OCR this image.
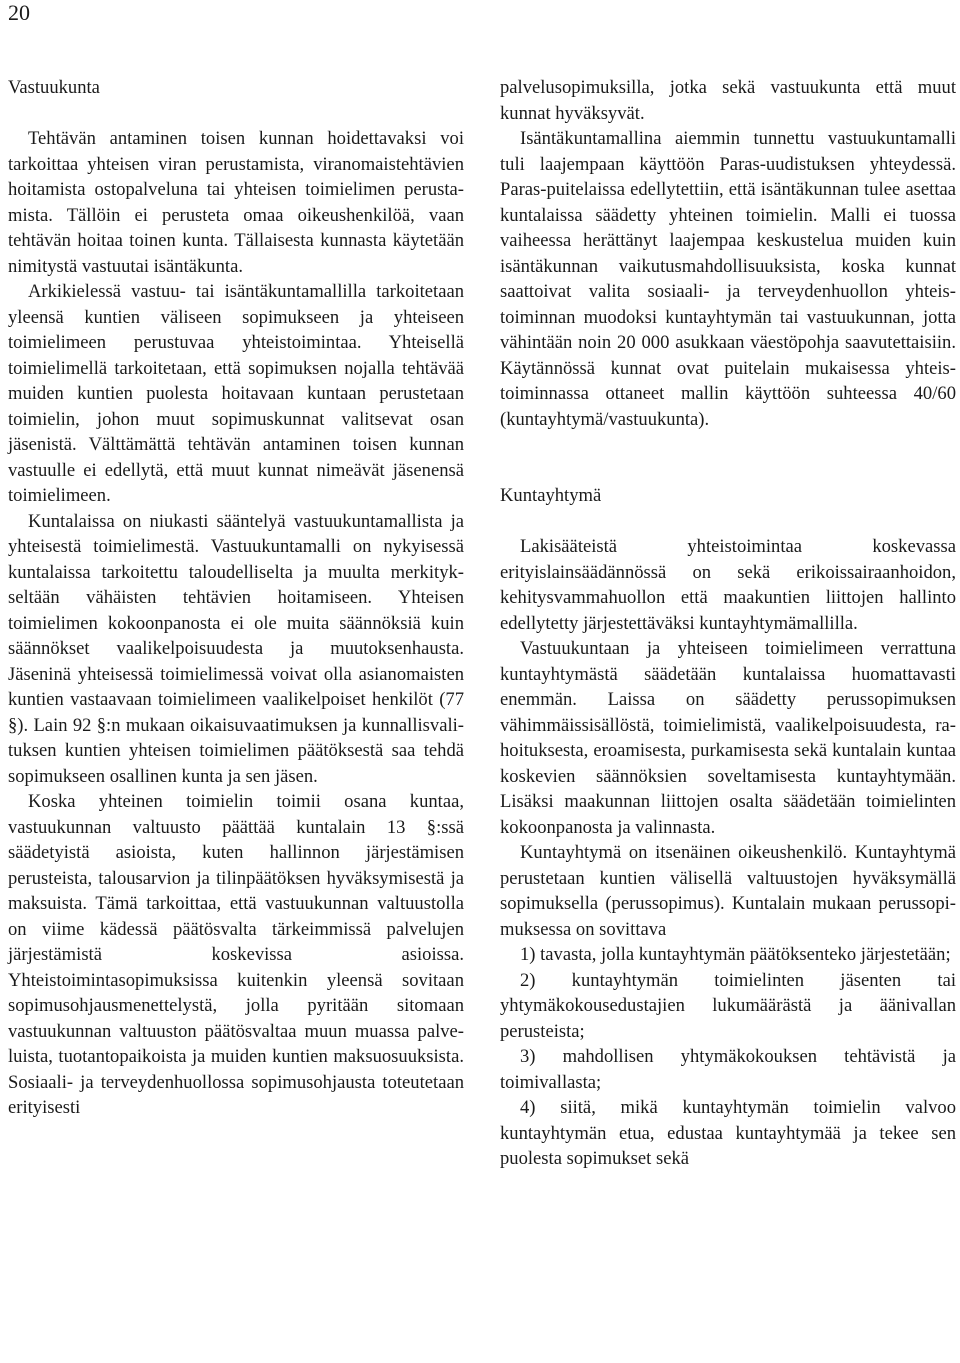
20
Vastuukunta

Tehtävän antaminen toisen kunnan hoidettavaksi voi tarkoittaa yhteisen viran perustamista, viranomaistehtävien hoitamista ostopalveluna tai yhteisen toimielimen perustamista. Tällöin ei perusteta omaa oikeushenkilöä, vaan tehtävän hoitaa toinen kunta. Tällaisesta kunnasta käytetään nimitystä vastuutai isäntäkunta.

Arkikielessä vastuu- tai isäntäkuntamallilla tarkoitetaan yleensä kuntien väliseen sopimukseen ja yhteiseen toimielimeen perustuvaa yhteistoimintaa. Yhteisellä toimielimellä tarkoitetaan, että sopimuksen nojalla tehtävää muiden kuntien puolesta hoitavaan kuntaan perustetaan toimielin, johon muut sopimuskunnat valitsevat osan jäsenistä. Välttämättä tehtävän antaminen toisen kunnan vastuulle ei edellytä, että muut kunnat nimeävät jäsenensä toimielimeen.

Kuntalaissa on niukasti sääntelyä vastuukuntamallista ja yhteisestä toimielimestä. Vastuukuntamalli on nykyisessä kuntalaissa tarkoitettu taloudelliselta ja muulta merkitykseltään vähäisten tehtävien hoitamiseen. Yhteisen toimielimen kokoonpanosta ei ole muita säännöksiä kuin säännökset vaalikelpoisuudesta ja muutoksenhausta. Jäseninä yhteisessä toimielimessä voivat olla asianomaisten kuntien vastaavaan toimielimeen vaalikelpoiset henkilöt (77 §). Lain 92 §:n mukaan oikaisuvaatimuksen ja kunnallisvalituksen kuntien yhteisen toimielimen päätöksestä saa tehdä sopimukseen osallinen kunta ja sen jäsen.

Koska yhteinen toimielin toimii osana kuntaa, vastuukunnan valtuusto päättää kuntalain 13 §:ssä säädetyistä asioista, kuten hallinnon järjestämisen perusteista, talousarvion ja tilinpäätöksen hyväksymisestä ja maksuista. Tämä tarkoittaa, että vastuukunnan valtuustolla on viime kädessä päätösvalta tärkeimmissä palvelujen järjestämistä koskevissa asioissa. Yhteistoimintasopimuksissa kuitenkin yleensä sovitaan sopimusohjausmenettelystä, jolla pyritään sitomaan vastuukunnan valtuuston päätösvaltaa muun muassa palveluista, tuotantopaikoista ja muiden kuntien maksuosuuksista. Sosiaali- ja terveydenhuollossa sopimusohjausta toteutetaan erityisesti

palvelusopimuksilla, jotka sekä vastuukunta että muut kunnat hyväksyvät.

Isäntäkuntamallina aiemmin tunnettu vastuukuntamalli tuli laajempaan käyttöön Paras-uudistuksen yhteydessä. Paras-puitelaissa edellytettiin, että isäntäkunnan tulee asettaa kuntalaissa säädetty yhteinen toimielin. Malli ei tuossa vaiheessa herättänyt laajempaa keskustelua muiden kuin isäntäkunnan vaikutusmahdollisuuksista, koska kunnat saattoivat valita sosiaali- ja terveydenhuollon yhteistoiminnan muodoksi kuntayhtymän tai vastuukunnan, jotta vähintään noin 20 000 asukkaan väestöpohja saavutettaisiin. Käytännössä kunnat ovat puitelain mukaisessa yhteistoiminnassa ottaneet mallin käyttöön suhteessa 40/60 (kuntayhtymä/vastuukunta).

Kuntayhtymä

Lakisääteistä yhteistoimintaa koskevassa erityislainsäädännössä on sekä erikoissairaanhoidon, kehitysvammahuollon että maakuntien liittojen hallinto edellytetty järjestettäväksi kuntayhtymämallilla.

Vastuukuntaan ja yhteiseen toimielimeen verrattuna kuntayhtymästä säädetään kuntalaissa huomattavasti enemmän. Laissa on säädetty perussopimuksen vähimmäissisällöstä, toimielimistä, vaalikelpoisuudesta, rahoituksesta, eroamisesta, purkamisesta sekä kuntalain kuntaa koskevien säännöksien soveltamisesta kuntayhtymään. Lisäksi maakunnan liittojen osalta säädetään toimielinten kokoonpanosta ja valinnasta.

Kuntayhtymä on itsenäinen oikeushenkilö. Kuntayhtymä perustetaan kuntien välisellä valtuustojen hyväksymällä sopimuksella (perussopimus). Kuntalain mukaan perussopimuksessa on sovittava

1) tavasta, jolla kuntayhtymän päätöksenteko järjestetään;

2) kuntayhtymän toimielinten jäsenten tai yhtymäkokousedustajien lukumäärästä ja äänivallan perusteista;

3) mahdollisen yhtymäkokouksen tehtävistä ja toimivallasta;

4) siitä, mikä kuntayhtymän toimielin valvoo kuntayhtymän etua, edustaa kuntayhtymää ja tekee sen puolesta sopimukset sekä
